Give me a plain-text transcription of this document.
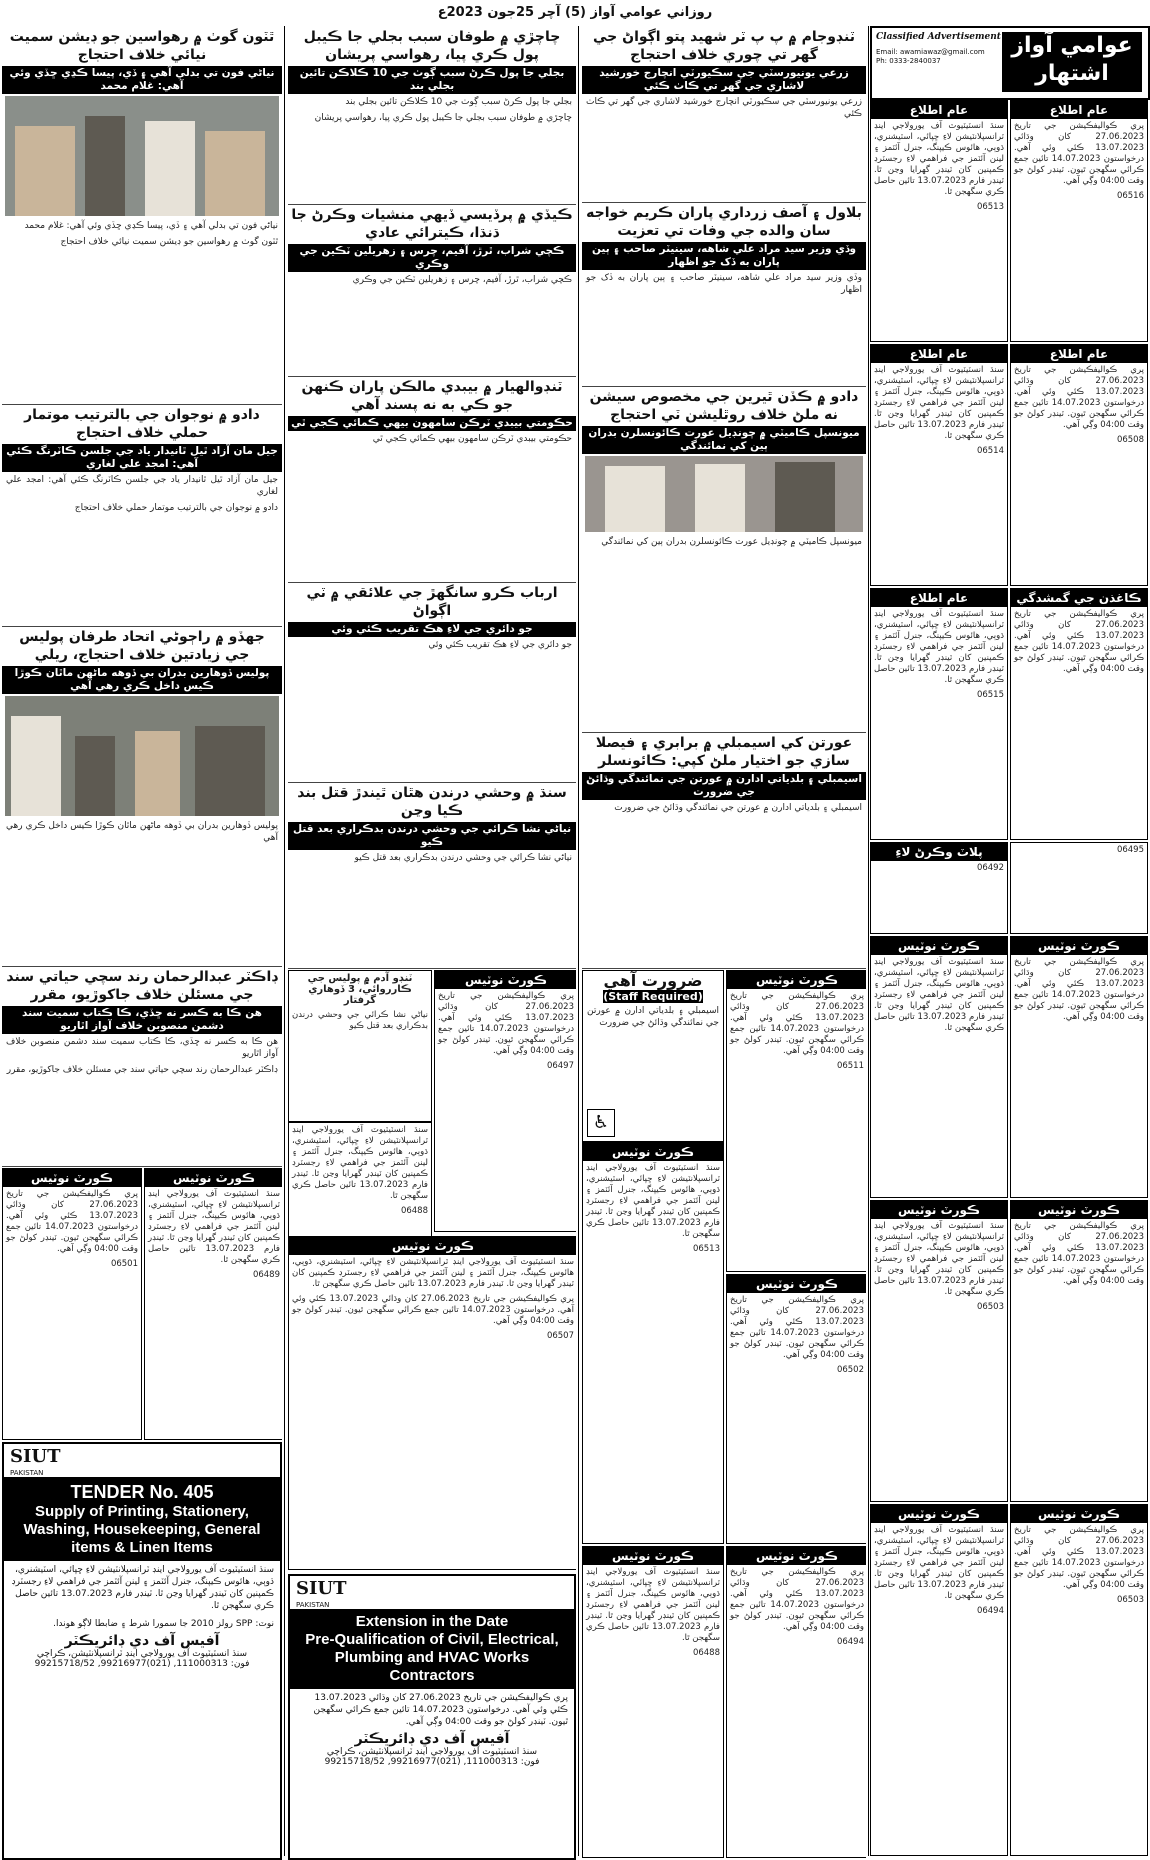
روزاني عوامي آواز (5) آچر 25جون 2023ع
ٿٽون گوٺ ۾ رهواسين جو ڊيشن سميت نيائي خلاف احتجاج
نياڻي فون تي بدلي آهي ۽ ڏي، پيسا ڪڍي ڇڏي وئي آهي: غلام محمد
نياڻي فون تي بدلي آهي ۽ ڏي، پيسا ڪڍي ڇڏي وئي آهي: غلام محمد
ٿٽون گوٺ ۾ رهواسين جو ڊيشن سميت نيائي خلاف احتجاج
دادو ۾ نوجوان جي بالترتيب موتمار حملي خلاف احتجاج
جيل مان آزاد ٿيل ٿانيدار ياد جي جلسن ڪاٽرنگ ڪئي آهي: امجد علي لغاري
جيل مان آزاد ٿيل ٿانيدار ياد جي جلسن ڪاٽرنگ ڪئي آهي: امجد علي لغاري
دادو ۾ نوجوان جي بالترتيب موتمار حملي خلاف احتجاج
جهڏو ۾ راڄوڻي اتحاد طرفان پوليس جي زيادتين خلاف احتجاج، ريلي
پوليس ڏوهارين بدران بي ڏوهه ماڻهن ماٿان ڪوڙا ڪيس داخل ڪري رهي آهي
پوليس ڏوهارين بدران بي ڏوهه ماڻهن ماٿان ڪوڙا ڪيس داخل ڪري رهي آهي
ڊاڪٽر عبدالرحمان رند سچي حياتي سند جي مسئلن خلاف جاکوڙيو، مقرر
هن ڪا به ڪسر نه ڇڏي، ڪا ڪتاب سميت سند دشمن منصوبن خلاف آواز اٿاريو
هن ڪا به ڪسر نه ڇڏي، ڪا ڪتاب سميت سند دشمن منصوبن خلاف آواز اٿاريو
ڊاڪٽر عبدالرحمان رند سچي حياتي سند جي مسئلن خلاف جاکوڙيو، مقرر
ڪورٽ نوٽيس
پري ڪواليفڪيشن جي تاريخ 27.06.2023 کان وڌائي 13.07.2023 ڪئي وئي آهي. درخواستون 14.07.2023 تائين جمع ڪرائي سگهجن ٿيون. ٽينڊر کولڻ جو وقت 04:00 وڳي آهي.
06501
ڪورٽ نوٽيس
سنڌ انسٽيٽيوٽ آف يورولاجي اينڊ ٽرانسپلانٽيشن لاءِ ڇپائي، اسٽيشنري، ڌوٻي، هائوس ڪيپنگ، جنرل آئٽمز ۽ لينن آئٽمز جي فراهمي لاءِ رجسٽرڊ ڪمپنين کان ٽينڊر گهرايا وڃن ٿا. ٽينڊر فارم 13.07.2023 تائين حاصل ڪري سگهجن ٿا.
06489
SIUT
PAKISTAN
TENDER No. 405
Supply of Printing, Stationery, Washing, Housekeeping, General items & Linen Items
سنڌ انسٽيٽيوٽ آف يورولاجي اينڊ ٽرانسپلانٽيشن لاءِ ڇپائي، اسٽيشنري، ڌوٻي، هائوس ڪيپنگ، جنرل آئٽمز ۽ لينن آئٽمز جي فراهمي لاءِ رجسٽرڊ ڪمپنين کان ٽينڊر گهرايا وڃن ٿا. ٽينڊر فارم 13.07.2023 تائين حاصل ڪري سگهجن ٿا.
نوٽ: SPP رولز 2010 جا سمورا شرط ۽ ضابطا لاڳو هوندا.
آفيس آف دي ڊائريڪٽر
سنڌ انسٽيٽيوٽ آف يورولاجي اينڊ ٽرانسپلانٽيشن، ڪراچي
فون: 111000313, (021)99216977, 99215718/52
چاچڙي ۾ طوفان سبب بجلي جا ڪيبل پول ڪري پيا، رهواسي پريشان
بجلي جا پول ڪرڻ سبب ڳوٺ جي 10 ڪلاڪن تائين بجلي بند
بجلي جا پول ڪرڻ سبب ڳوٺ جي 10 ڪلاڪن تائين بجلي بند
چاچڙي ۾ طوفان سبب بجلي جا ڪيبل پول ڪري پيا، رهواسي پريشان
ڪيڏي ۾ پرڏيسي ڏيهي منشيات وڪرڻ جا ڌنڌا، ڪيترائي عادي
ڪچي شراب، ٿرڙ، آفيم، چرس ۽ زهريلين ٽڪين جي وڪري
ڪچي شراب، ٿرڙ، آفيم، چرس ۽ زهريلين ٽڪين جي وڪري
ٽنڊوالهيار ۾ بيبدي مالڪن پاران ڪنهن جو ڪي به نه پسند آهي
حڪومتي بيبدي ٽرڪن سامهون بيهي ڪمائي ڪجي ٿي
حڪومتي بيبدي ٽرڪن سامهون بيهي ڪمائي ڪجي ٿي
ارباب ڪرو سانگهڙ جي علائقي ۾ ٽي اڳواڻ
جو دائري جي لاءِ هڪ تقريب ڪئي وئي
جو دائري جي لاءِ هڪ تقريب ڪئي وئي
سنڌ ۾ وحشي درندن هٿان ٿيندڙ قتل بند ڪيا وڃن
نياڻي نشا ڪرائي جي وحشي درندن بدڪراري بعد قتل ڪيو
نياڻي نشا ڪرائي جي وحشي درندن بدڪراري بعد قتل ڪيو
ٽنڊو آدم ۾ پوليس جي ڪارروائي، 3 ڏوهاري گرفتار
نياڻي نشا ڪرائي جي وحشي درندن بدڪراري بعد قتل ڪيو
ڪورٽ نوٽيس
پري ڪواليفڪيشن جي تاريخ 27.06.2023 کان وڌائي 13.07.2023 ڪئي وئي آهي. درخواستون 14.07.2023 تائين جمع ڪرائي سگهجن ٿيون. ٽينڊر کولڻ جو وقت 04:00 وڳي آهي.
06497
سنڌ انسٽيٽيوٽ آف يورولاجي اينڊ ٽرانسپلانٽيشن لاءِ ڇپائي، اسٽيشنري، ڌوٻي، هائوس ڪيپنگ، جنرل آئٽمز ۽ لينن آئٽمز جي فراهمي لاءِ رجسٽرڊ ڪمپنين کان ٽينڊر گهرايا وڃن ٿا. ٽينڊر فارم 13.07.2023 تائين حاصل ڪري سگهجن ٿا.
06488
ڪورٽ نوٽيس
سنڌ انسٽيٽيوٽ آف يورولاجي اينڊ ٽرانسپلانٽيشن لاءِ ڇپائي، اسٽيشنري، ڌوٻي، هائوس ڪيپنگ، جنرل آئٽمز ۽ لينن آئٽمز جي فراهمي لاءِ رجسٽرڊ ڪمپنين کان ٽينڊر گهرايا وڃن ٿا. ٽينڊر فارم 13.07.2023 تائين حاصل ڪري سگهجن ٿا.
پري ڪواليفڪيشن جي تاريخ 27.06.2023 کان وڌائي 13.07.2023 ڪئي وئي آهي. درخواستون 14.07.2023 تائين جمع ڪرائي سگهجن ٿيون. ٽينڊر کولڻ جو وقت 04:00 وڳي آهي.
06507
SIUT
PAKISTAN
Extension in the Date
Pre-Qualification of Civil, Electrical, Plumbing and HVAC Works Contractors
پري ڪواليفڪيشن جي تاريخ 27.06.2023 کان وڌائي 13.07.2023 ڪئي وئي آهي. درخواستون 14.07.2023 تائين جمع ڪرائي سگهجن ٿيون. ٽينڊر کولڻ جو وقت 04:00 وڳي آهي.
آفيس آف دي ڊائريڪٽر
سنڌ انسٽيٽيوٽ آف يورولاجي اينڊ ٽرانسپلانٽيشن، ڪراچي
فون: 111000313, (021)99216977, 99215718/52
ٽنڊوجام ۾ پ پ ٽر شهيد پتو اڳواڻ جي گهر تي چوري خلاف احتجاج
زرعي يونيورسٽي جي سڪيورٽي انچارج خورشيد لاشاري جي گهر تي ڪاٺ ڪئي
زرعي يونيورسٽي جي سڪيورٽي انچارج خورشيد لاشاري جي گهر تي ڪاٺ ڪئي
بلاول ۽ آصف زرداري پاران ڪريم خواجه سان والده جي وفات تي تعزيت
وڏي وزير سيد مراد علي شاهه، سينيٽر صاحب ۽ ٻين پاران به ڏک جو اظهار
وڏي وزير سيد مراد علي شاهه، سينيٽر صاحب ۽ ٻين پاران به ڏک جو اظهار
دادو ۾ ڪڏن ٿيرين جي مخصوص سيشن نه ملڻ خلاف روٿليشن ٽي احتجاج
ميونسپل ڪاميٽي ۾ چونڊيل عورت ڪائونسلرن بدران ٻين کي نمائندگي
ميونسپل ڪاميٽي ۾ چونڊيل عورت ڪائونسلرن بدران ٻين کي نمائندگي
عورتن کي اسيمبلي ۾ برابري ۽ فيصلا سازي جو اختيار ملڻ کپي: ڪائونسلر
اسيمبلي ۽ بلدياتي ادارن ۾ عورتن جي نمائندگي وڌائڻ جي ضرورت
اسيمبلي ۽ بلدياتي ادارن ۾ عورتن جي نمائندگي وڌائڻ جي ضرورت
ضرورت آهي
(Staff Required)
اسيمبلي ۽ بلدياتي ادارن ۾ عورتن جي نمائندگي وڌائڻ جي ضرورت
♿
ڪورٽ نوٽيس
پري ڪواليفڪيشن جي تاريخ 27.06.2023 کان وڌائي 13.07.2023 ڪئي وئي آهي. درخواستون 14.07.2023 تائين جمع ڪرائي سگهجن ٿيون. ٽينڊر کولڻ جو وقت 04:00 وڳي آهي.
06511
ڪورٽ نوٽيس
سنڌ انسٽيٽيوٽ آف يورولاجي اينڊ ٽرانسپلانٽيشن لاءِ ڇپائي، اسٽيشنري، ڌوٻي، هائوس ڪيپنگ، جنرل آئٽمز ۽ لينن آئٽمز جي فراهمي لاءِ رجسٽرڊ ڪمپنين کان ٽينڊر گهرايا وڃن ٿا. ٽينڊر فارم 13.07.2023 تائين حاصل ڪري سگهجن ٿا.
06513
ڪورٽ نوٽيس
پري ڪواليفڪيشن جي تاريخ 27.06.2023 کان وڌائي 13.07.2023 ڪئي وئي آهي. درخواستون 14.07.2023 تائين جمع ڪرائي سگهجن ٿيون. ٽينڊر کولڻ جو وقت 04:00 وڳي آهي.
06502
ڪورٽ نوٽيس
سنڌ انسٽيٽيوٽ آف يورولاجي اينڊ ٽرانسپلانٽيشن لاءِ ڇپائي، اسٽيشنري، ڌوٻي، هائوس ڪيپنگ، جنرل آئٽمز ۽ لينن آئٽمز جي فراهمي لاءِ رجسٽرڊ ڪمپنين کان ٽينڊر گهرايا وڃن ٿا. ٽينڊر فارم 13.07.2023 تائين حاصل ڪري سگهجن ٿا.
06488
ڪورٽ نوٽيس
پري ڪواليفڪيشن جي تاريخ 27.06.2023 کان وڌائي 13.07.2023 ڪئي وئي آهي. درخواستون 14.07.2023 تائين جمع ڪرائي سگهجن ٿيون. ٽينڊر کولڻ جو وقت 04:00 وڳي آهي.
06494
عوامي آواز اشتهار
Classified Advertisement
Email: awamiawaz@gmail.com Ph: 0333-2840037
عام اطلاع
سنڌ انسٽيٽيوٽ آف يورولاجي اينڊ ٽرانسپلانٽيشن لاءِ ڇپائي، اسٽيشنري، ڌوٻي، هائوس ڪيپنگ، جنرل آئٽمز ۽ لينن آئٽمز جي فراهمي لاءِ رجسٽرڊ ڪمپنين کان ٽينڊر گهرايا وڃن ٿا. ٽينڊر فارم 13.07.2023 تائين حاصل ڪري سگهجن ٿا.
06513
عام اطلاع
پري ڪواليفڪيشن جي تاريخ 27.06.2023 کان وڌائي 13.07.2023 ڪئي وئي آهي. درخواستون 14.07.2023 تائين جمع ڪرائي سگهجن ٿيون. ٽينڊر کولڻ جو وقت 04:00 وڳي آهي.
06516
عام اطلاع
سنڌ انسٽيٽيوٽ آف يورولاجي اينڊ ٽرانسپلانٽيشن لاءِ ڇپائي، اسٽيشنري، ڌوٻي، هائوس ڪيپنگ، جنرل آئٽمز ۽ لينن آئٽمز جي فراهمي لاءِ رجسٽرڊ ڪمپنين کان ٽينڊر گهرايا وڃن ٿا. ٽينڊر فارم 13.07.2023 تائين حاصل ڪري سگهجن ٿا.
06514
عام اطلاع
پري ڪواليفڪيشن جي تاريخ 27.06.2023 کان وڌائي 13.07.2023 ڪئي وئي آهي. درخواستون 14.07.2023 تائين جمع ڪرائي سگهجن ٿيون. ٽينڊر کولڻ جو وقت 04:00 وڳي آهي.
06508
عام اطلاع
سنڌ انسٽيٽيوٽ آف يورولاجي اينڊ ٽرانسپلانٽيشن لاءِ ڇپائي، اسٽيشنري، ڌوٻي، هائوس ڪيپنگ، جنرل آئٽمز ۽ لينن آئٽمز جي فراهمي لاءِ رجسٽرڊ ڪمپنين کان ٽينڊر گهرايا وڃن ٿا. ٽينڊر فارم 13.07.2023 تائين حاصل ڪري سگهجن ٿا.
06515
ڪاغذن جي گمشدگي
پري ڪواليفڪيشن جي تاريخ 27.06.2023 کان وڌائي 13.07.2023 ڪئي وئي آهي. درخواستون 14.07.2023 تائين جمع ڪرائي سگهجن ٿيون. ٽينڊر کولڻ جو وقت 04:00 وڳي آهي.
پلاٽ وڪرڻ لاءِ
06492
06495
ڪورٽ نوٽيس
سنڌ انسٽيٽيوٽ آف يورولاجي اينڊ ٽرانسپلانٽيشن لاءِ ڇپائي، اسٽيشنري، ڌوٻي، هائوس ڪيپنگ، جنرل آئٽمز ۽ لينن آئٽمز جي فراهمي لاءِ رجسٽرڊ ڪمپنين کان ٽينڊر گهرايا وڃن ٿا. ٽينڊر فارم 13.07.2023 تائين حاصل ڪري سگهجن ٿا.
ڪورٽ نوٽيس
پري ڪواليفڪيشن جي تاريخ 27.06.2023 کان وڌائي 13.07.2023 ڪئي وئي آهي. درخواستون 14.07.2023 تائين جمع ڪرائي سگهجن ٿيون. ٽينڊر کولڻ جو وقت 04:00 وڳي آهي.
ڪورٽ نوٽيس
سنڌ انسٽيٽيوٽ آف يورولاجي اينڊ ٽرانسپلانٽيشن لاءِ ڇپائي، اسٽيشنري، ڌوٻي، هائوس ڪيپنگ، جنرل آئٽمز ۽ لينن آئٽمز جي فراهمي لاءِ رجسٽرڊ ڪمپنين کان ٽينڊر گهرايا وڃن ٿا. ٽينڊر فارم 13.07.2023 تائين حاصل ڪري سگهجن ٿا.
06503
ڪورٽ نوٽيس
پري ڪواليفڪيشن جي تاريخ 27.06.2023 کان وڌائي 13.07.2023 ڪئي وئي آهي. درخواستون 14.07.2023 تائين جمع ڪرائي سگهجن ٿيون. ٽينڊر کولڻ جو وقت 04:00 وڳي آهي.
ڪورٽ نوٽيس
سنڌ انسٽيٽيوٽ آف يورولاجي اينڊ ٽرانسپلانٽيشن لاءِ ڇپائي، اسٽيشنري، ڌوٻي، هائوس ڪيپنگ، جنرل آئٽمز ۽ لينن آئٽمز جي فراهمي لاءِ رجسٽرڊ ڪمپنين کان ٽينڊر گهرايا وڃن ٿا. ٽينڊر فارم 13.07.2023 تائين حاصل ڪري سگهجن ٿا.
06494
ڪورٽ نوٽيس
پري ڪواليفڪيشن جي تاريخ 27.06.2023 کان وڌائي 13.07.2023 ڪئي وئي آهي. درخواستون 14.07.2023 تائين جمع ڪرائي سگهجن ٿيون. ٽينڊر کولڻ جو وقت 04:00 وڳي آهي.
06503
